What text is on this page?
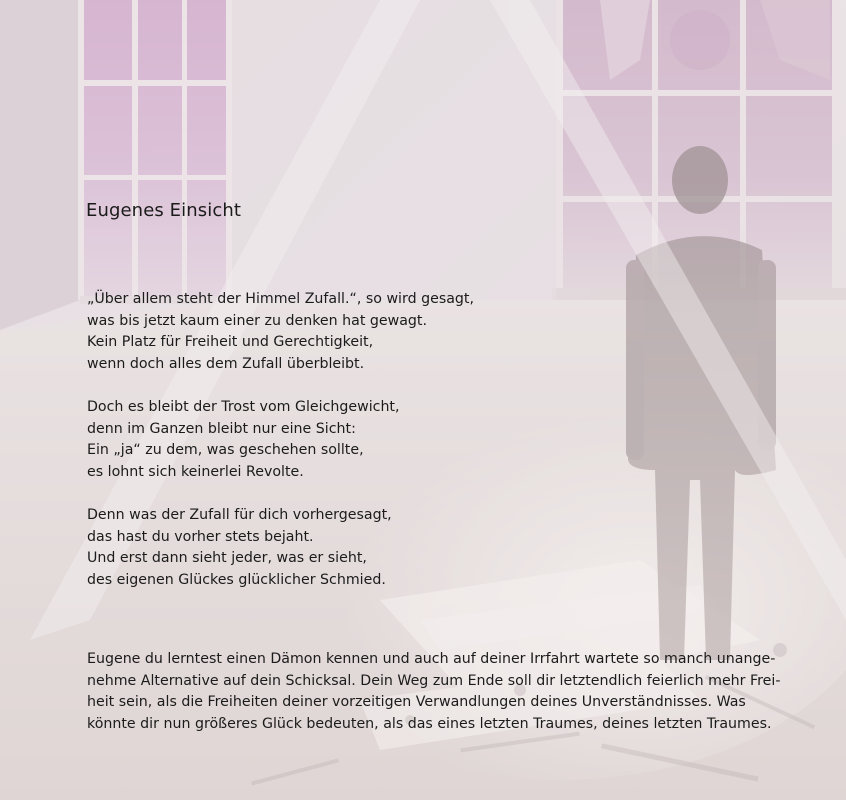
Eugenes Einsicht

„Über allem steht der Himmel Zufall.“, so wird gesagt,
was bis jetzt kaum einer zu denken hat gewagt.
Kein Platz für Freiheit und Gerechtigkeit,
wenn doch alles dem Zufall überbleibt.

Doch es bleibt der Trost vom Gleichgewicht,
denn im Ganzen bleibt nur eine Sicht:
Ein „ja“ zu dem, was geschehen sollte,
es lohnt sich keinerlei Revolte.

Denn was der Zufall für dich vorhergesagt,
das hast du vorher stets bejaht.
Und erst dann sieht jeder, was er sieht,
des eigenen Glückes glücklicher Schmied.

Eugene du lerntest einen Dämon kennen und auch auf deiner Irrfahrt wartete so manch unange-
nehme Alternative auf dein Schicksal. Dein Weg zum Ende soll dir letztendlich feierlich mehr Frei-
heit sein, als die Freiheiten deiner vorzeitigen Verwandlungen deines Unverständnisses. Was
könnte dir nun größeres Glück bedeuten, als das eines letzten Traumes, deines letzten Traumes.
